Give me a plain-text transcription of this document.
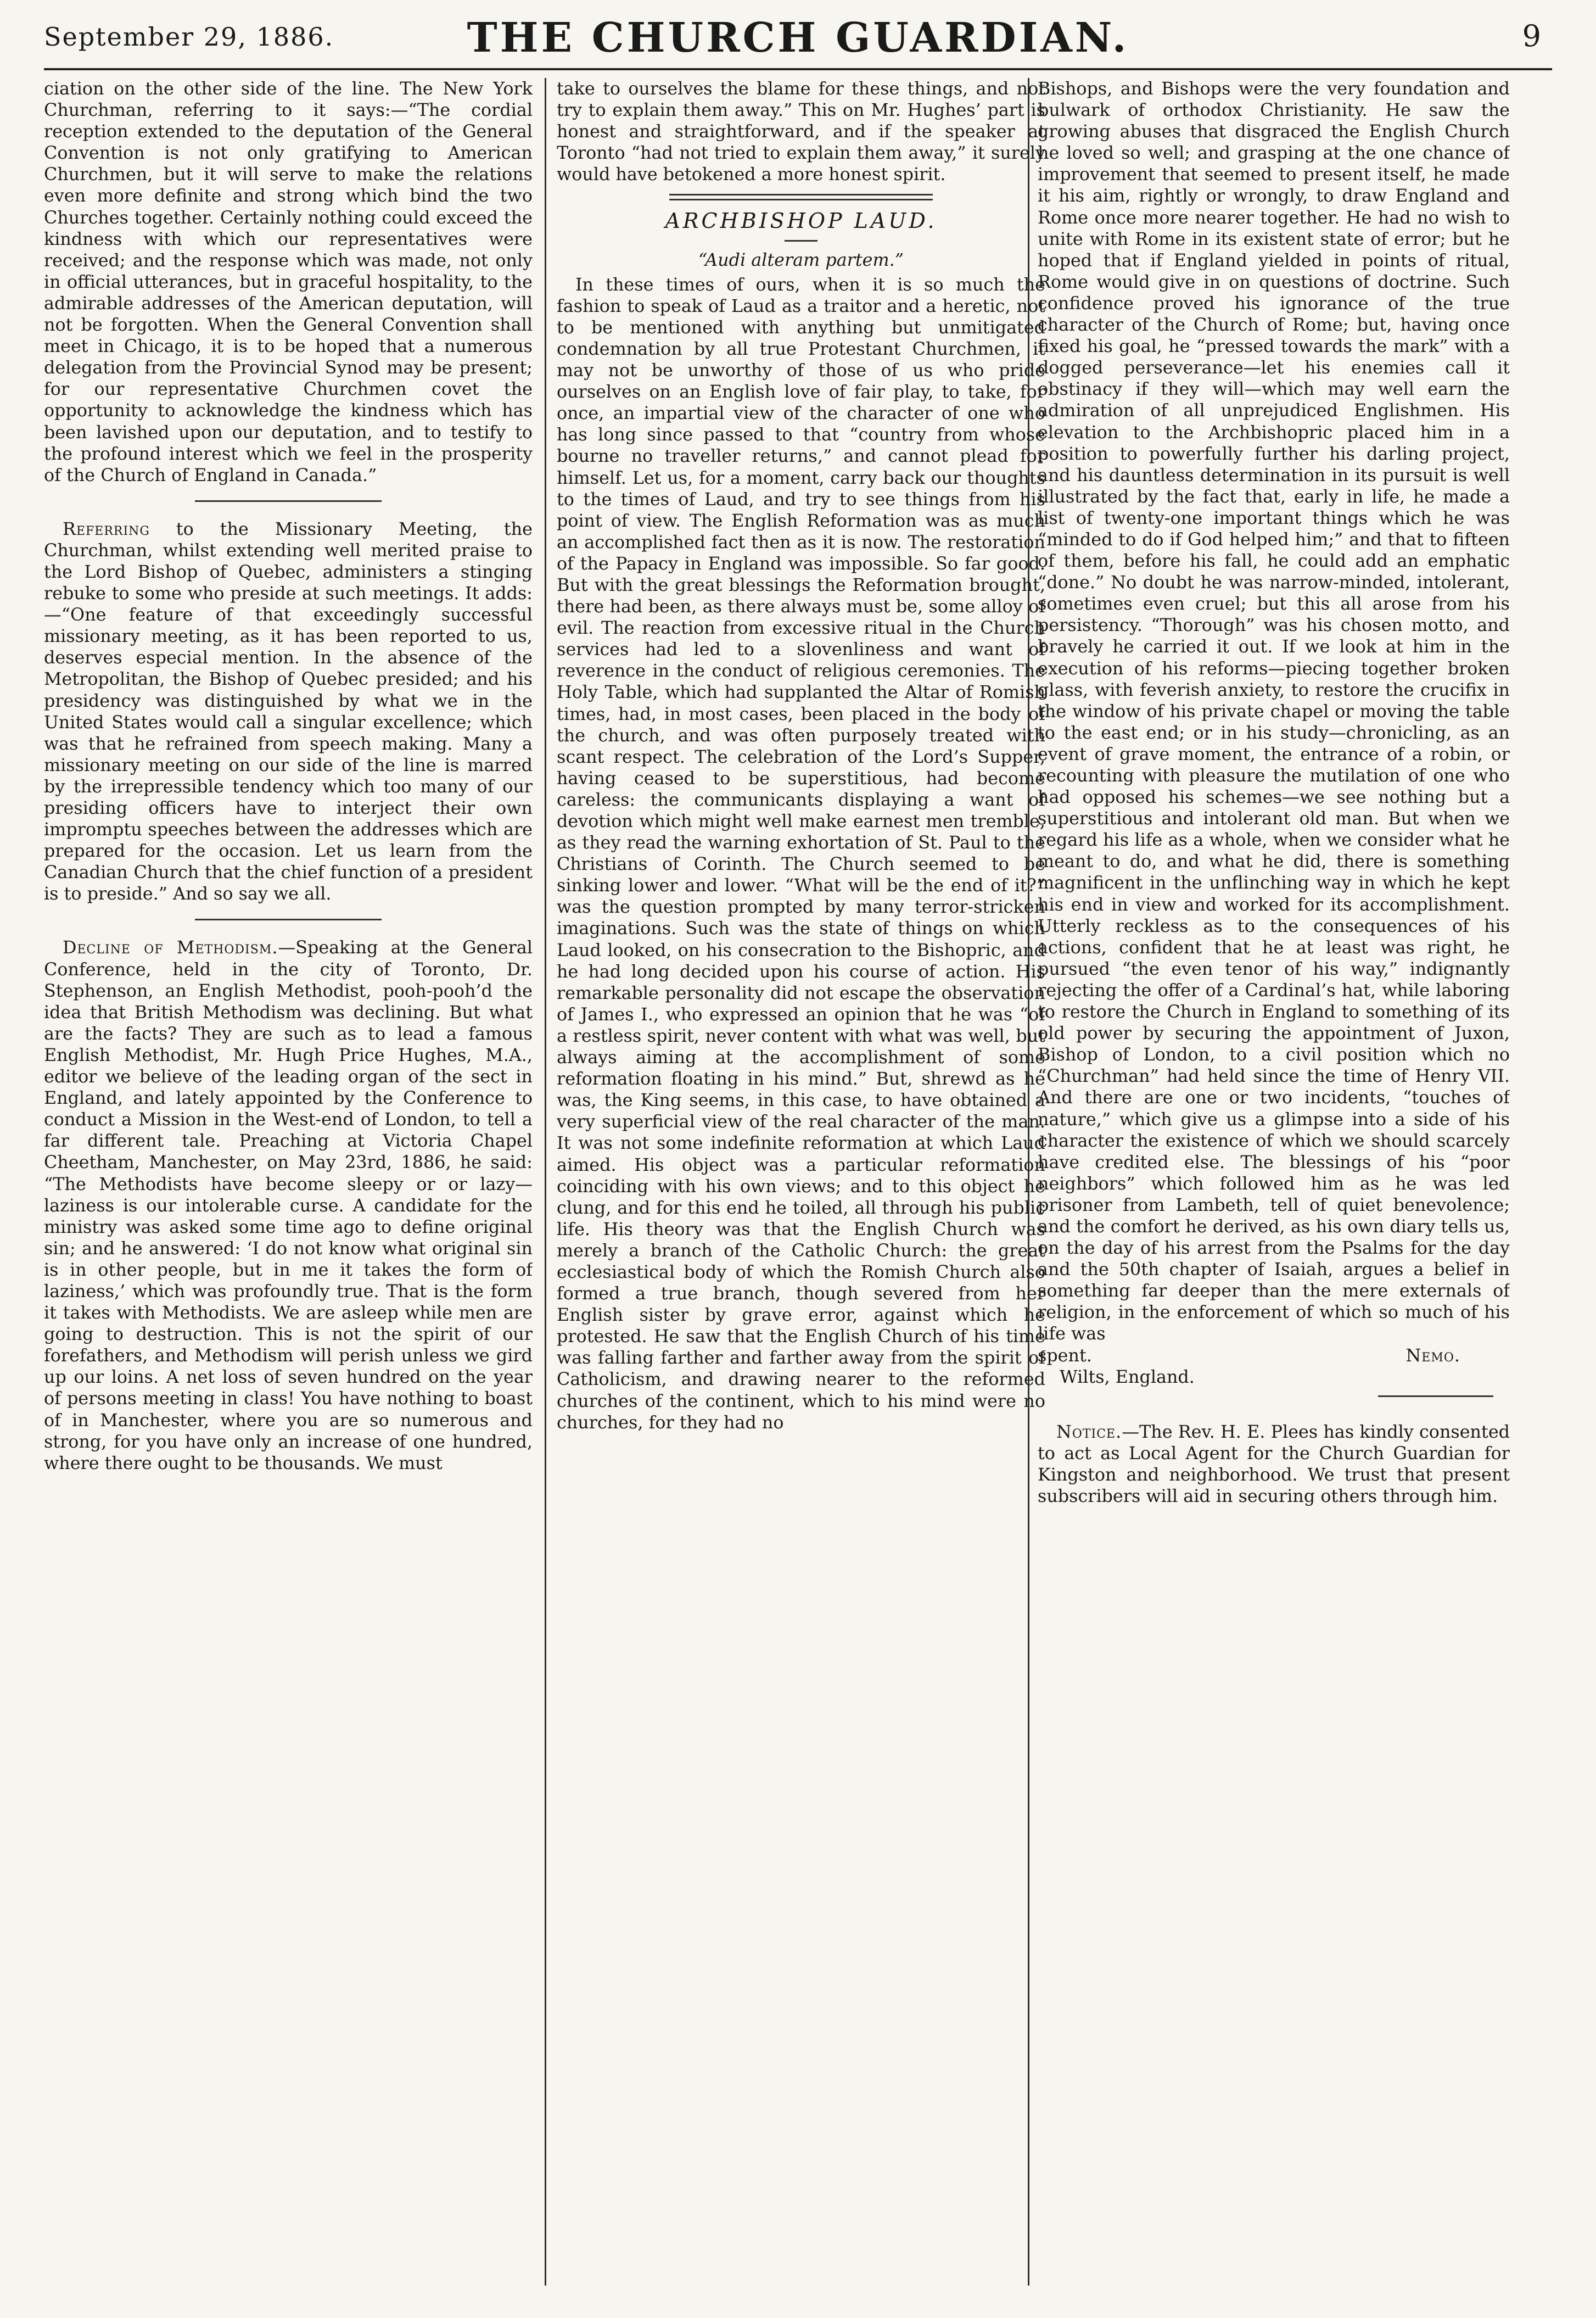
September 29, 1886.	THE CHURCH GUARDIAN.	9

ciation on the other side of the line. The New York Churchman, referring to it says:—“The cordial reception extended to the deputation of the General Convention is not only gratifying to American Churchmen, but it will serve to make the relations even more definite and strong which bind the two Churches together. Certainly nothing could exceed the kindness with which our representatives were received; and the response which was made, not only in official utterances, but in graceful hospitality, to the admirable addresses of the American deputation, will not be forgotten. When the General Convention shall meet in Chicago, it is to be hoped that a numerous delegation from the Provincial Synod may be present; for our representative Churchmen covet the opportunity to acknowledge the kindness which has been lavished upon our deputation, and to testify to the profound interest which we feel in the prosperity of the Church of England in Canada.”

Referring to the Missionary Meeting, the Churchman, whilst extending well merited praise to the Lord Bishop of Quebec, administers a stinging rebuke to some who preside at such meetings. It adds:—“One feature of that exceedingly successful missionary meeting, as it has been reported to us, deserves especial mention. In the absence of the Metropolitan, the Bishop of Quebec presided; and his presidency was distinguished by what we in the United States would call a singular excellence; which was that he refrained from speech making. Many a missionary meeting on our side of the line is marred by the irrepressible tendency which too many of our presiding officers have to interject their own impromptu speeches between the addresses which are prepared for the occasion. Let us learn from the Canadian Church that the chief function of a president is to preside.” And so say we all.

Decline of Methodism.—Speaking at the General Conference, held in the city of Toronto, Dr. Stephenson, an English Methodist, pooh-pooh’d the idea that British Methodism was declining. But what are the facts? They are such as to lead a famous English Methodist, Mr. Hugh Price Hughes, M.A., editor we believe of the leading organ of the sect in England, and lately appointed by the Conference to conduct a Mission in the West-end of London, to tell a far different tale. Preaching at Victoria Chapel Cheetham, Manchester, on May 23rd, 1886, he said: “The Methodists have become sleepy or or lazy—laziness is our intolerable curse. A candidate for the ministry was asked some time ago to define original sin; and he answered: ‘I do not know what original sin is in other people, but in me it takes the form of laziness,’ which was profoundly true. That is the form it takes with Methodists. We are asleep while men are going to destruction. This is not the spirit of our forefathers, and Methodism will perish unless we gird up our loins. A net loss of seven hundred on the year of persons meeting in class! You have nothing to boast of in Manchester, where you are so numerous and strong, for you have only an increase of one hundred, where there ought to be thousands. We must

take to ourselves the blame for these things, and not try to explain them away.” This on Mr. Hughes’ part is honest and straightforward, and if the speaker at Toronto “had not tried to explain them away,” it surely would have betokened a more honest spirit.

ARCHBISHOP LAUD.
“Audi alteram partem.”

In these times of ours, when it is so much the fashion to speak of Laud as a traitor and a heretic, not to be mentioned with anything but unmitigated condemnation by all true Protestant Churchmen, it may not be unworthy of those of us who pride ourselves on an English love of fair play, to take, for once, an impartial view of the character of one who has long since passed to that “country from whose bourne no traveller returns,” and cannot plead for himself. Let us, for a moment, carry back our thoughts to the times of Laud, and try to see things from his point of view. The English Reformation was as much an accomplished fact then as it is now. The restoration of the Papacy in England was impossible. So far good. But with the great blessings the Reformation brought, there had been, as there always must be, some alloy of evil. The reaction from excessive ritual in the Church services had led to a slovenliness and want of reverence in the conduct of religious ceremonies. The Holy Table, which had supplanted the Altar of Romish times, had, in most cases, been placed in the body of the church, and was often purposely treated with scant respect. The celebration of the Lord’s Supper, having ceased to be superstitious, had become careless: the communicants displaying a want of devotion which might well make earnest men tremble, as they read the warning exhortation of St. Paul to the Christians of Corinth. The Church seemed to be sinking lower and lower. “What will be the end of it?” was the question prompted by many terror-stricken imaginations. Such was the state of things on which Laud looked, on his consecration to the Bishopric, and he had long decided upon his course of action. His remarkable personality did not escape the observation of James I., who expressed an opinion that he was “of a restless spirit, never content with what was well, but always aiming at the accomplishment of some reformation floating in his mind.” But, shrewd as he was, the King seems, in this case, to have obtained a very superficial view of the real character of the man. It was not some indefinite reformation at which Laud aimed. His object was a particular reformation coinciding with his own views; and to this object he clung, and for this end he toiled, all through his public life. His theory was that the English Church was merely a branch of the Catholic Church: the great ecclesiastical body of which the Romish Church also formed a true branch, though severed from her English sister by grave error, against which he protested. He saw that the English Church of his time was falling farther and farther away from the spirit of Catholicism, and drawing nearer to the reformed churches of the continent, which to his mind were no churches, for they had no

Bishops, and Bishops were the very foundation and bulwark of orthodox Christianity. He saw the growing abuses that disgraced the English Church he loved so well; and grasping at the one chance of improvement that seemed to present itself, he made it his aim, rightly or wrongly, to draw England and Rome once more nearer together. He had no wish to unite with Rome in its existent state of error; but he hoped that if England yielded in points of ritual, Rome would give in on questions of doctrine. Such confidence proved his ignorance of the true character of the Church of Rome; but, having once fixed his goal, he “pressed towards the mark” with a dogged perseverance—let his enemies call it obstinacy if they will—which may well earn the admiration of all unprejudiced Englishmen. His elevation to the Archbishopric placed him in a position to powerfully further his darling project, and his dauntless determination in its pursuit is well illustrated by the fact that, early in life, he made a list of twenty-one important things which he was “minded to do if God helped him;” and that to fifteen of them, before his fall, he could add an emphatic “done.” No doubt he was narrow-minded, intolerant, sometimes even cruel; but this all arose from his persistency. “Thorough” was his chosen motto, and bravely he carried it out. If we look at him in the execution of his reforms—piecing together broken glass, with feverish anxiety, to restore the crucifix in the window of his private chapel or moving the table to the east end; or in his study—chronicling, as an event of grave moment, the entrance of a robin, or recounting with pleasure the mutilation of one who had opposed his schemes—we see nothing but a superstitious and intolerant old man. But when we regard his life as a whole, when we consider what he meant to do, and what he did, there is something magnificent in the unflinching way in which he kept his end in view and worked for its accomplishment. Utterly reckless as to the consequences of his actions, confident that he at least was right, he pursued “the even tenor of his way,” indignantly rejecting the offer of a Cardinal’s hat, while laboring to restore the Church in England to something of its old power by securing the appointment of Juxon, Bishop of London, to a civil position which no “Churchman” had held since the time of Henry VII. And there are one or two incidents, “touches of nature,” which give us a glimpse into a side of his character the existence of which we should scarcely have credited else. The blessings of his “poor neighbors” which followed him as he was led prisoner from Lambeth, tell of quiet benevolence; and the comfort he derived, as his own diary tells us, on the day of his arrest from the Psalms for the day and the 50th chapter of Isaiah, argues a belief in something far deeper than the mere externals of religion, in the enforcement of which so much of his life was

spent.	Nemo.

Wilts, England.

Notice.—The Rev. H. E. Plees has kindly consented to act as Local Agent for the Church Guardian for Kingston and neighborhood. We trust that present subscribers will aid in securing others through him.
